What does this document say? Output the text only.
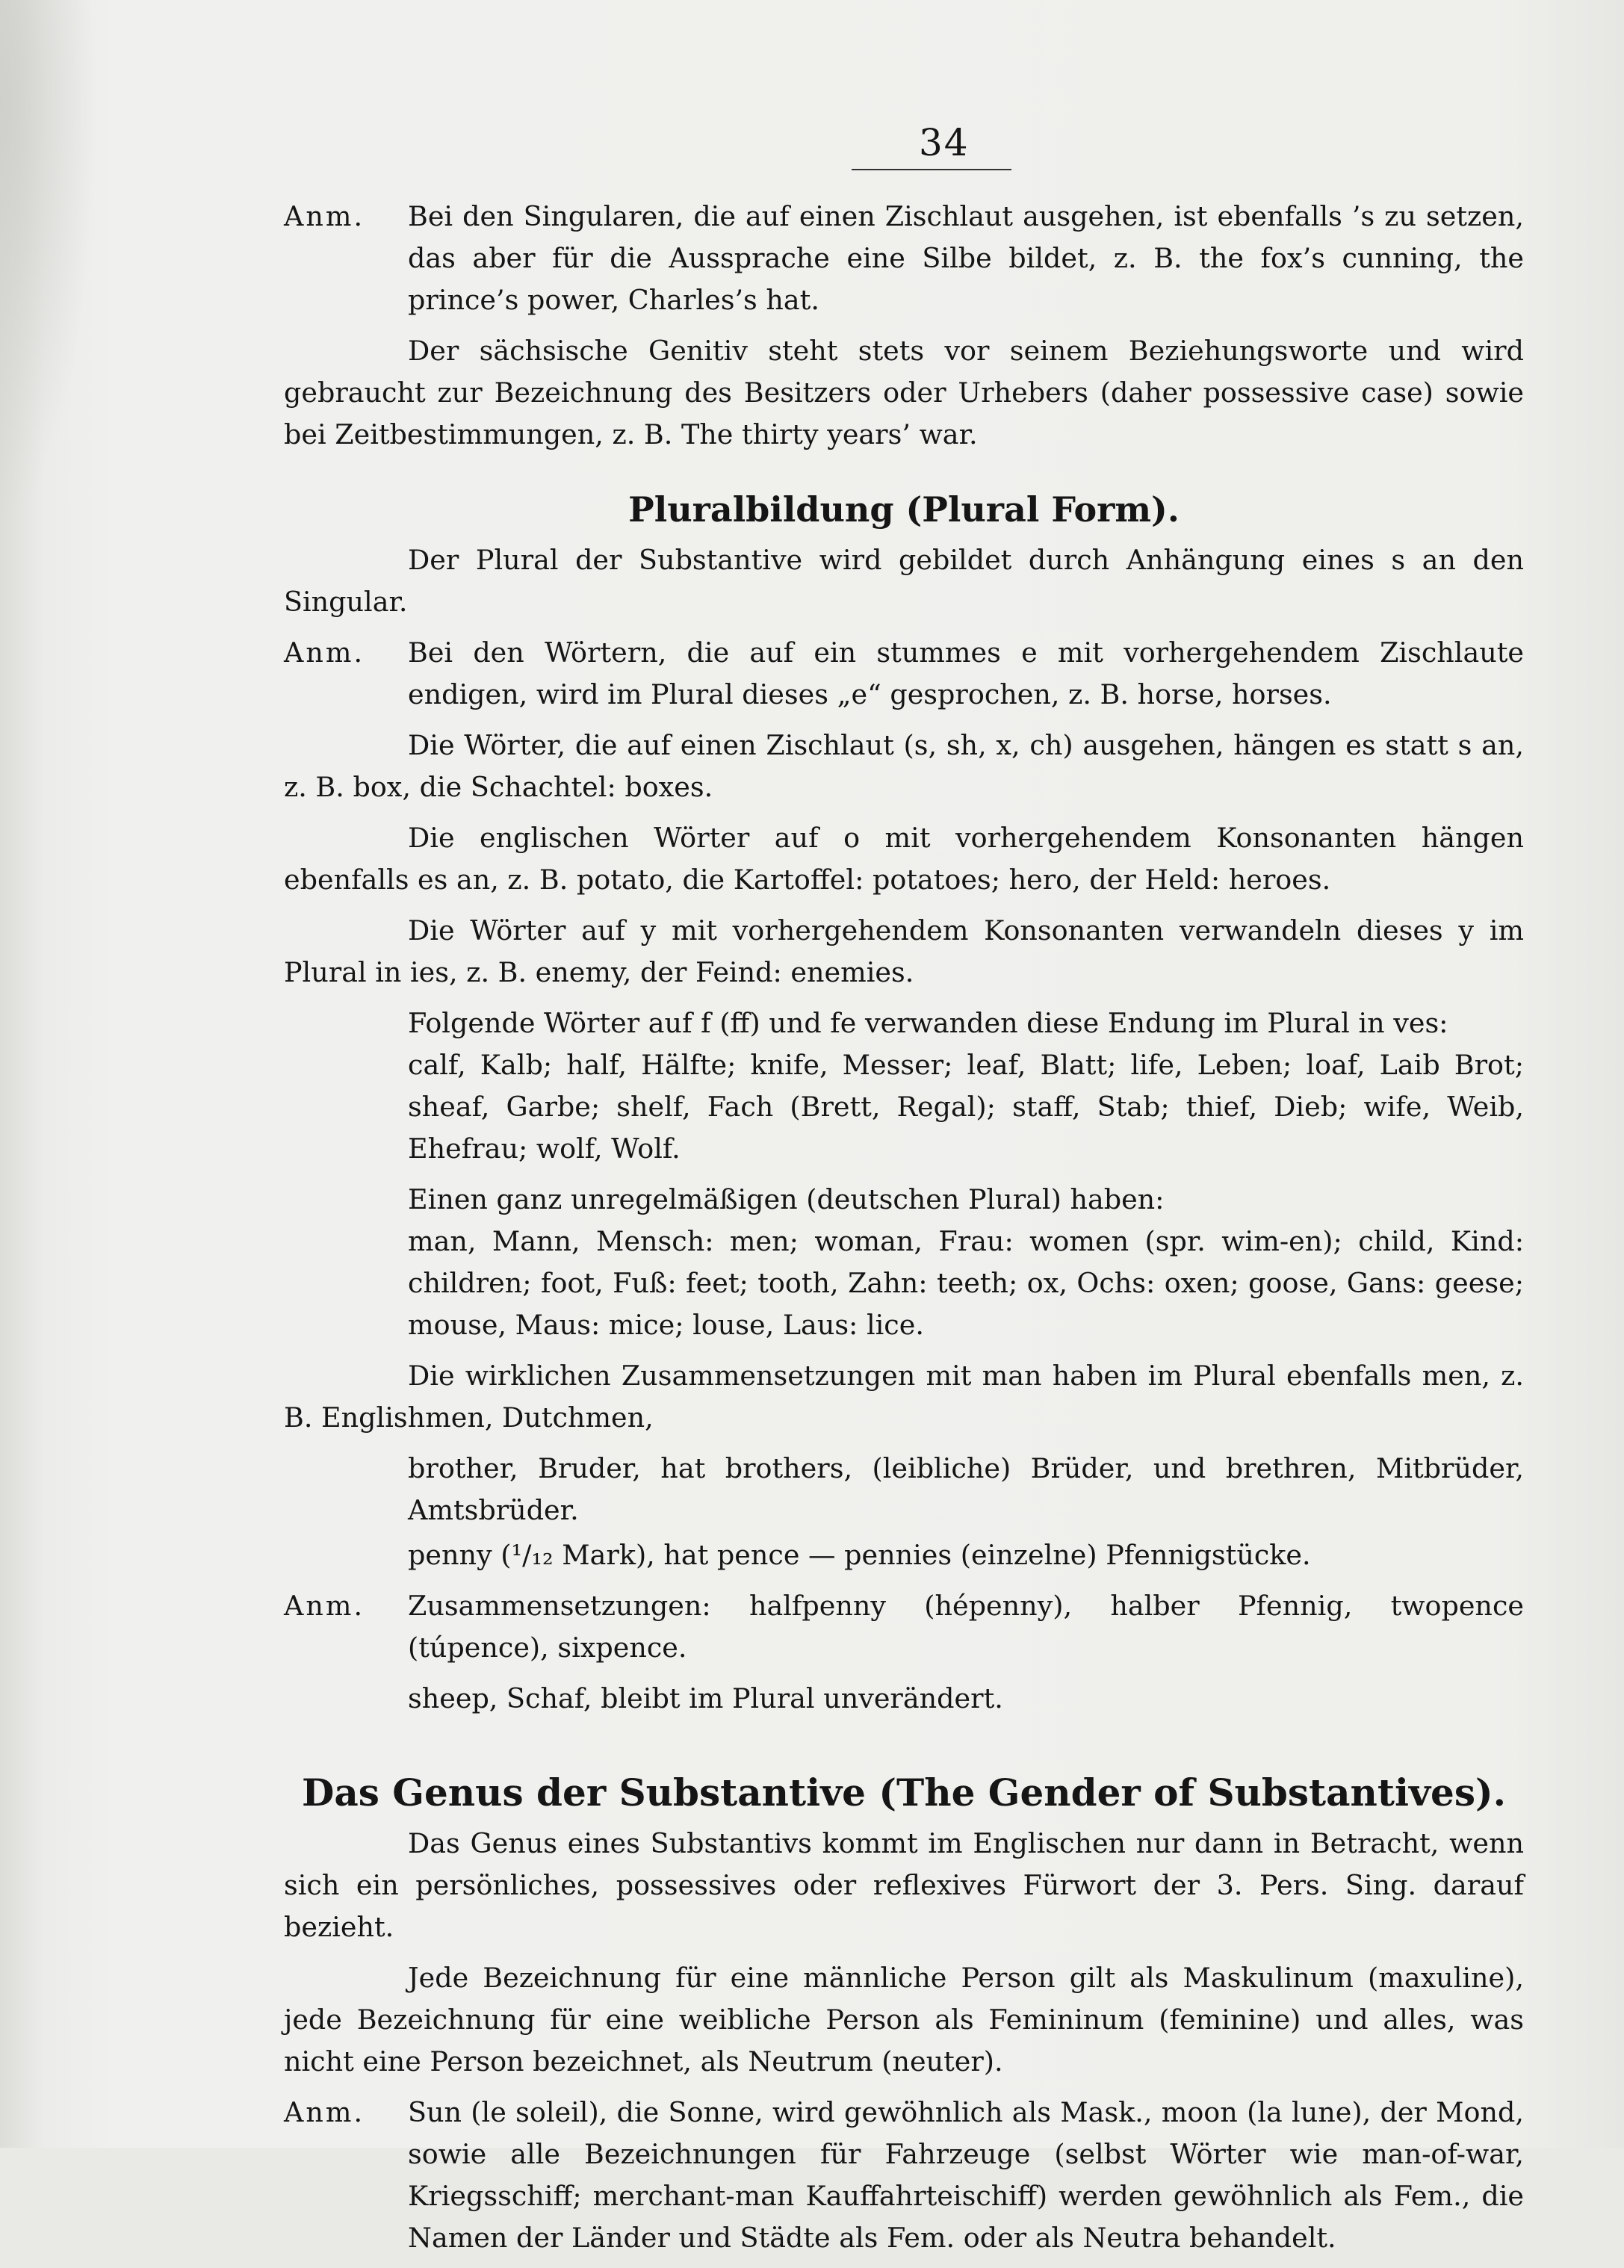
34

Anm. Bei den Singularen, die auf einen Zischlaut ausgehen, ist ebenfalls ’s zu setzen, das aber für die Aussprache eine Silbe bildet, z. B. the fox’s cunning, the prince’s power, Charles’s hat.

Der sächsische Genitiv steht stets vor seinem Beziehungsworte und wird gebraucht zur Bezeichnung des Besitzers oder Urhebers (daher possessive case) sowie bei Zeitbestimmungen, z. B. The thirty years’ war.

Pluralbildung (Plural Form).

Der Plural der Substantive wird gebildet durch Anhängung eines s an den Singular.

Anm. Bei den Wörtern, die auf ein stummes e mit vorhergehendem Zischlaute endigen, wird im Plural dieses „e“ gesprochen, z. B. horse, horses.

Die Wörter, die auf einen Zischlaut (s, sh, x, ch) ausgehen, hängen es statt s an, z. B. box, die Schachtel: boxes.

Die englischen Wörter auf o mit vorhergehendem Konsonanten hängen ebenfalls es an, z. B. potato, die Kartoffel: potatoes; hero, der Held: heroes.

Die Wörter auf y mit vorhergehendem Konsonanten verwandeln dieses y im Plural in ies, z. B. enemy, der Feind: enemies.

Folgende Wörter auf f (ff) und fe verwanden diese Endung im Plural in ves:

calf, Kalb; half, Hälfte; knife, Messer; leaf, Blatt; life, Leben; loaf, Laib Brot; sheaf, Garbe; shelf, Fach (Brett, Regal); staff, Stab; thief, Dieb; wife, Weib, Ehefrau; wolf, Wolf.

Einen ganz unregelmäßigen (deutschen Plural) haben:

man, Mann, Mensch: men; woman, Frau: women (spr. wim-en); child, Kind: children; foot, Fuß: feet; tooth, Zahn: teeth; ox, Ochs: oxen; goose, Gans: geese; mouse, Maus: mice; louse, Laus: lice.

Die wirklichen Zusammensetzungen mit man haben im Plural ebenfalls men, z. B. Englishmen, Dutchmen,

brother, Bruder, hat brothers, (leibliche) Brüder, und brethren, Mitbrüder, Amtsbrüder.

penny (¹/₁₂ Mark), hat pence — pennies (einzelne) Pfennigstücke.

Anm. Zusammensetzungen: halfpenny (hépenny), halber Pfennig, twopence (túpence), sixpence.

sheep, Schaf, bleibt im Plural unverändert.

Das Genus der Substantive (The Gender of Substantives).

Das Genus eines Substantivs kommt im Englischen nur dann in Betracht, wenn sich ein persönliches, possessives oder reflexives Fürwort der 3. Pers. Sing. darauf bezieht.

Jede Bezeichnung für eine männliche Person gilt als Maskulinum (maxuline), jede Bezeichnung für eine weibliche Person als Femininum (feminine) und alles, was nicht eine Person bezeichnet, als Neutrum (neuter).

Anm. Sun (le soleil), die Sonne, wird gewöhnlich als Mask., moon (la lune), der Mond, sowie alle Bezeichnungen für Fahrzeuge (selbst Wörter wie man-of-war, Kriegsschiff; merchant-man Kauffahrteischiff) werden gewöhnlich als Fem., die Namen der Länder und Städte als Fem. oder als Neutra behandelt.
